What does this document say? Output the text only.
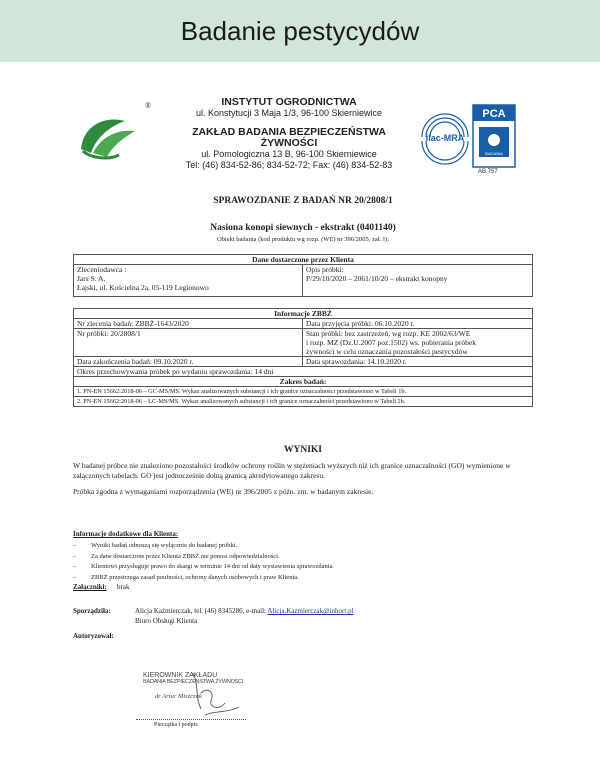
Badanie pestycydów
®	INSTYTUT OGRODNICTWA
ul. Konstytucji 3 Maja 1/3, 96-100 Skierniewice
ZAKŁAD BADANIA BEZPIECZEŃSTWA ŻYWNOŚCI
ul. Pomologiczna 13 B, 96-100 Skierniewice
Tel: (46) 834-52-86; 834-52-72; Fax: (46) 834-52-83
ilac-MRA
PCA
BADANIA
AB 757
SPRAWOZDANIE Z BADAŃ NR 20/2808/1
Nasiona konopi siewnych - ekstrakt (0401140)
Obiekt badania (kod produktu wg rozp. (WE) nr 396/2005, zał. I):
Dane dostarczone przez Klienta

Zleceniodawca :
Jars S. A.
Łajski, ul. Kościelna 2a, 05-119 Legionowo

Opis próbki:
P/29/10/2020 – 2061/10/20 – ekstrakt konopny
Informacje ZBBŻ	
Nr zlecenia badań: ZBBŻ-1643/2020	Data przyjęcia próbki: 06.10.2020 r.
Nr próbki: 20/2808/1	Stan próbki: bez zastrzeżeń, wg rozp. KE 2002/63/WE
i rozp. MZ (Dz.U.2007 poz.1502) ws. pobierania próbek
żywności w celu oznaczania pozostałości pestycydów

Data zakończenia badań: 09.10.2020 r.	Data sprawozdania: 14.10.2020 r.
Okres przechowywania próbek po wydaniu sprawozdania: 14 dni	
Zakres badań:	
1. PN-EN 15662:2018-06 – GC-MS/MS. Wykaz analizowanych substancji i ich granice oznaczalności przedstawiono w Tabeli 1b.	
2. PN-EN 15662:2018-06 – LC-MS/MS. Wykaz analizowanych substancji i ich granice oznaczalności przedstawiono w Tabeli 2b.	
WYNIKI
W badanej próbce nie znaleziono pozostałości środków ochrony roślin w stężeniach wyższych niż ich granice oznaczalności (GO) wymienione w załączonych tabelach. GO jest jednocześnie dolną granicą akredytowanego zakresu.
Próbka zgodna z wymaganiami rozporządzenia (WE) nr 396/2005 z późn. zm. w badanym zakresie.
Informacje dodatkowe dla Klienta:
– Wyniki badań odnoszą się wyłącznie do badanej próbki.
– Za dane dostarczone przez Klienta ZBBŻ nie ponosi odpowiedzialności.
– Klientowi przysługuje prawo do skargi w terminie 14 dni od daty wystawienia sprawozdania.
– ZBBŻ przestrzega zasad poufności, ochrony danych osobowych i praw Klienta.
Załączniki: brak
Sporządziła:	Alicja Kaźmierczak, tel. (46) 8345286, e-mail: Alicja.Kazmierczak@inhort.pl
Biuro Obsługi Klienta
Autoryzował:
KIEROWNIK ZAKŁADU
BADANIA BEZPIECZEŃSTWA ŻYWNOŚCI
dr Artur Miszczak
Pieczątka i podpis
